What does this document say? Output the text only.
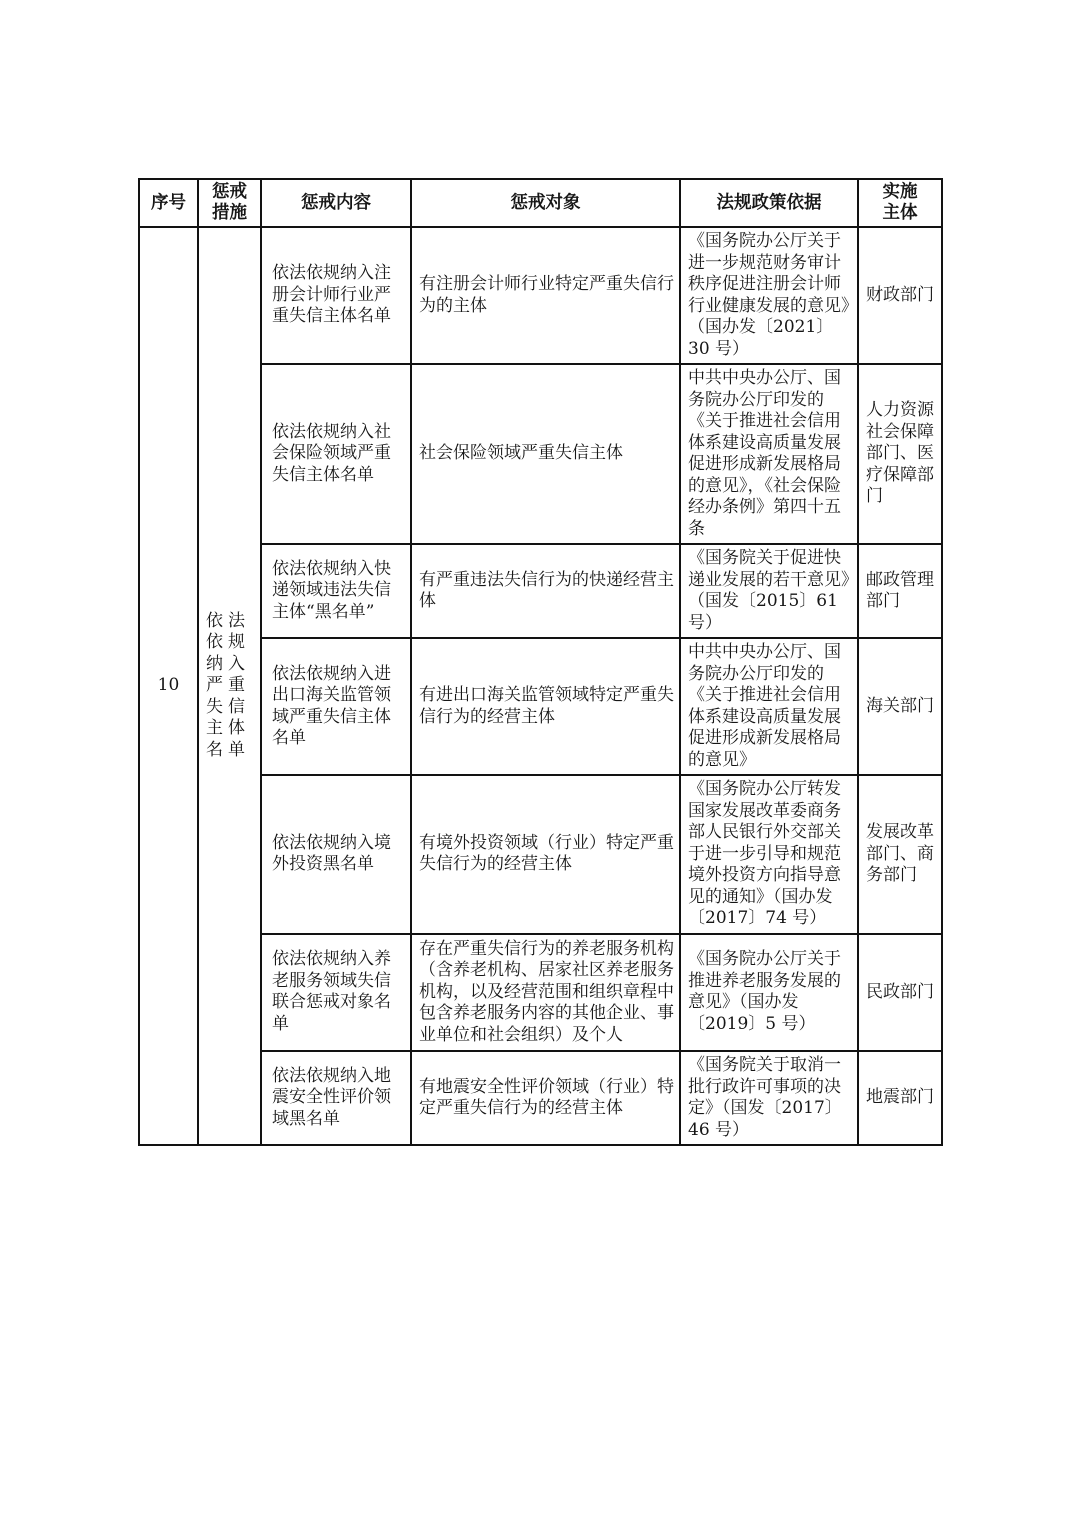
序号	惩戒措施	惩戒内容	惩戒对象	法规政策依据	实施主体
10	依法依规纳入严重失信主体名单	依法依规纳入注册会计师行业严重失信主体名单	有注册会计师行业特定严重失信行为的主体	《国务院办公厅关于进一步规范财务审计秩序促进注册会计师行业健康发展的意见》（国办发〔2021〕30 号）	财政部门
		依法依规纳入社会保险领域严重失信主体名单	社会保险领域严重失信主体	中共中央办公厅、国务院办公厅印发的《关于推进社会信用体系建设高质量发展促进形成新发展格局的意见》，《社会保险经办条例》第四十五条	人力资源社会保障部门、医疗保障部门
		依法依规纳入快递领域违法失信主体“黑名单”	有严重违法失信行为的快递经营主体	《国务院关于促进快递业发展的若干意见》（国发〔2015〕61 号）	邮政管理部门
		依法依规纳入进出口海关监管领域严重失信主体名单	有进出口海关监管领域特定严重失信行为的经营主体	中共中央办公厅、国务院办公厅印发的《关于推进社会信用体系建设高质量发展促进形成新发展格局的意见》	海关部门
		依法依规纳入境外投资黑名单	有境外投资领域（行业）特定严重失信行为的经营主体	《国务院办公厅转发国家发展改革委商务部人民银行外交部关于进一步引导和规范境外投资方向指导意见的通知》（国办发〔2017〕74 号）	发展改革部门、商务部门
		依法依规纳入养老服务领域失信联合惩戒对象名单	存在严重失信行为的养老服务机构（含养老机构、居家社区养老服务机构，以及经营范围和组织章程中包含养老服务内容的其他企业、事业单位和社会组织）及个人	《国务院办公厅关于推进养老服务发展的意见》（国办发〔2019〕5 号）	民政部门
		依法依规纳入地震安全性评价领域黑名单	有地震安全性评价领域（行业）特定严重失信行为的经营主体	《国务院关于取消一批行政许可事项的决定》（国发〔2017〕46 号）	地震部门
